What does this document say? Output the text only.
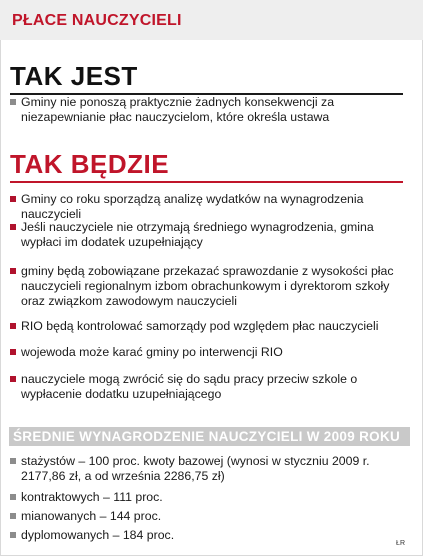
PŁACE NAUCZYCIELI
TAK JEST
Gminy nie ponoszą praktycznie żadnych konsekwencji za niezapewnianie płac nauczycielom, które określa ustawa
TAK BĘDZIE
Gminy co roku sporządzą analizę wydatków na wynagrodzenia nauczycieli
Jeśli nauczyciele nie otrzymają średniego wynagrodzenia, gmina wypłaci im dodatek uzupełniający
gminy będą zobowiązane przekazać sprawozdanie z wysokości płac nauczycieli regionalnym izbom obrachunkowym i dyrektorom szkoły oraz związkom zawodowym nauczycieli
RIO będą kontrolować samorządy pod względem płac nauczycieli
wojewoda może karać gminy po interwencji RIO
nauczyciele mogą zwrócić się do sądu pracy przeciw szkole o wypłacenie dodatku uzupełniającego
ŚREDNIE WYNAGRODZENIE NAUCZYCIELI W 2009 ROKU
stażystów – 100 proc. kwoty bazowej (wynosi w styczniu 2009 r. 2177,86 zł, a od września 2286,75 zł)
kontraktowych – 111 proc.
mianowanych – 144 proc.
dyplomowanych – 184 proc.
ŁR
